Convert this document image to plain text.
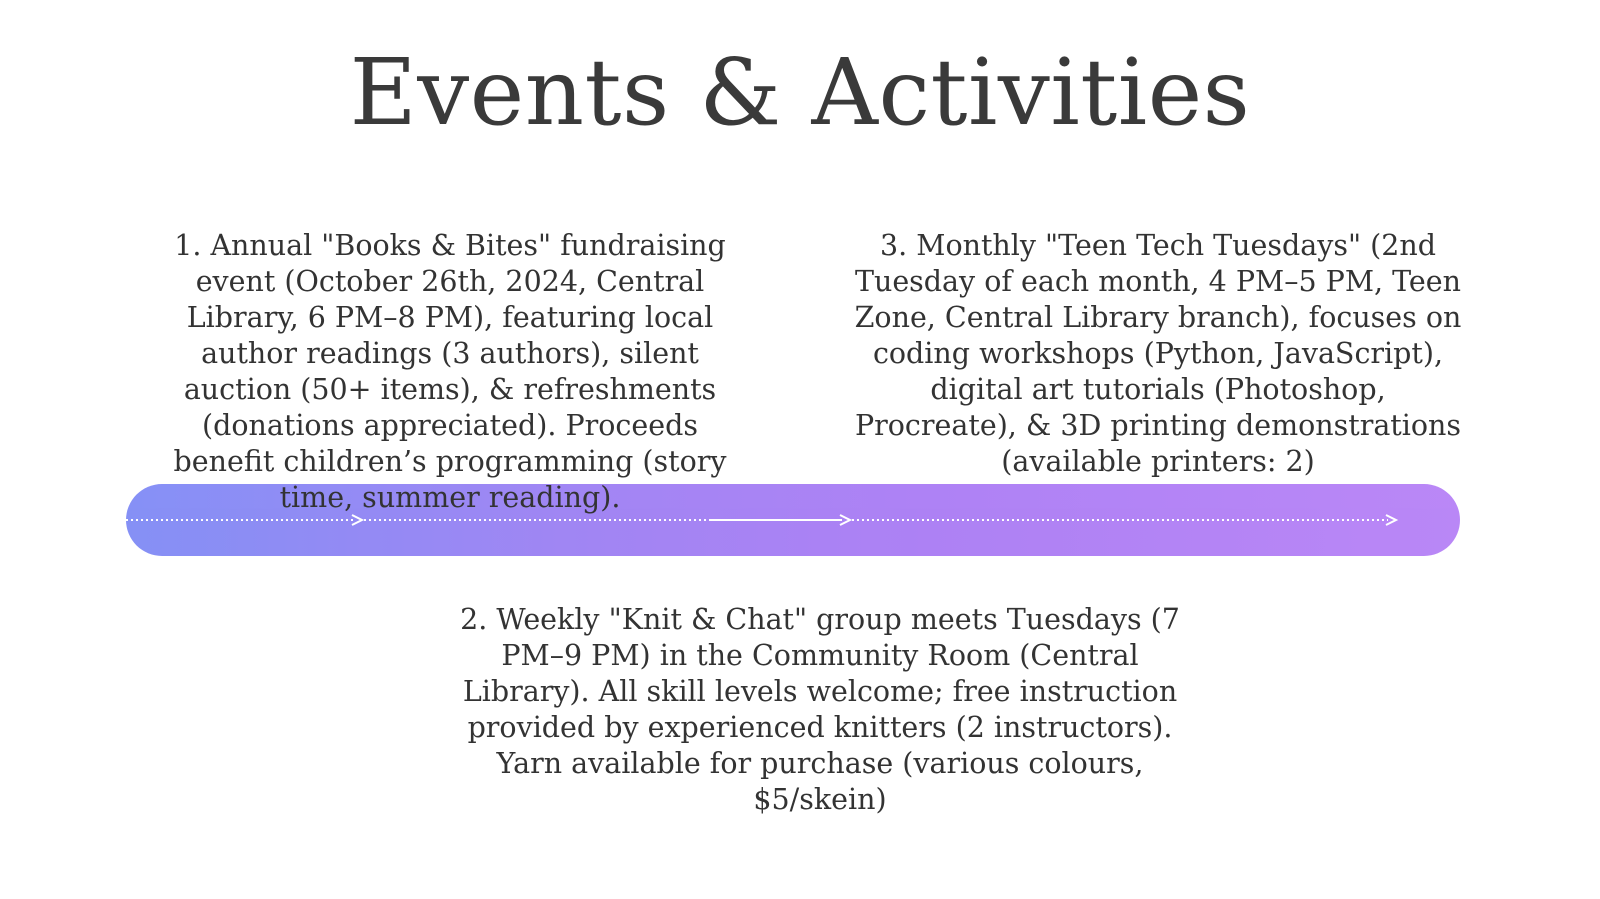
Events & Activities
1. Annual "Books & Bites" fundraising event (October 26th, 2024, Central Library, 6 PM–8 PM), featuring local author readings (3 authors), silent auction (50+ items), & refreshments (donations appreciated). Proceeds benefit children’s programming (story time, summer reading).
3. Monthly "Teen Tech Tuesdays" (2nd Tuesday of each month, 4 PM–5 PM, Teen Zone, Central Library branch), focuses on coding workshops (Python, JavaScript), digital art tutorials (Photoshop, Procreate), & 3D printing demonstrations (available printers: 2)
2. Weekly "Knit & Chat" group meets Tuesdays (7 PM–9 PM) in the Community Room (Central Library). All skill levels welcome; free instruction provided by experienced knitters (2 instructors). Yarn available for purchase (various colours, $5/skein)
